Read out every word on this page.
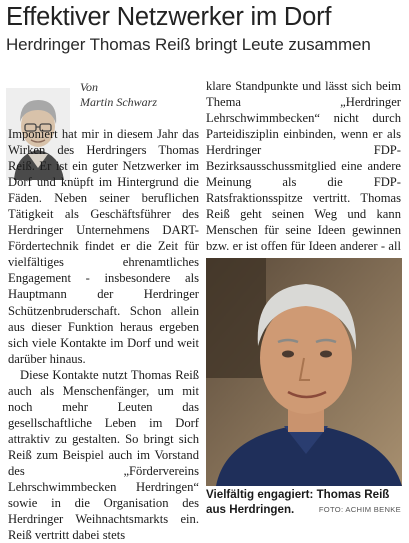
Effektiver Netzwerker im Dorf
Herdringer Thomas Reiß bringt Leute zusammen
Von
Martin Schwarz

Imponiert hat mir in diesem Jahr das Wirken des Herdringers Thomas Reiß. Er ist ein guter Netzwerker im Dorf und knüpft im Hintergrund die Fäden. Neben seiner beruflichen Tätigkeit als Geschäftsführer des Herdringer Unternehmens DART-Fördertechnik findet er die Zeit für vielfältiges ehrenamtliches Engagement - insbesondere als Hauptmann der Herdringer Schützenbruderschaft. Schon allein aus dieser Funktion heraus ergeben sich viele Kontakte im Dorf und weit darüber hinaus.

Diese Kontakte nutzt Thomas Reiß auch als Menschenfänger, um mit noch mehr Leuten das gesellschaftliche Leben im Dorf attraktiv zu gestalten. So bringt sich Reiß zum Beispiel auch im Vorstand des „Fördervereins Lehrschwimmbecken Herdringen“ sowie in die Organisation des Herdringer Weihnachtsmarkts ein. Reiß vertritt dabei stets

klare Standpunkte und lässt sich beim Thema „Herdringer Lehrschwimmbecken“ nicht durch Parteidisziplin einbinden, wenn er als Herdringer FDP-Bezirksausschussmitglied eine andere Meinung als die FDP-Ratsfraktionsspitze vertritt. Thomas Reiß geht seinen Weg und kann Menschen für seine Ideen gewinnen bzw. er ist offen für Ideen anderer - all

Vielfältig engagiert: Thomas Reiß aus Herdringen.	FOTO: ACHIM BENKE
